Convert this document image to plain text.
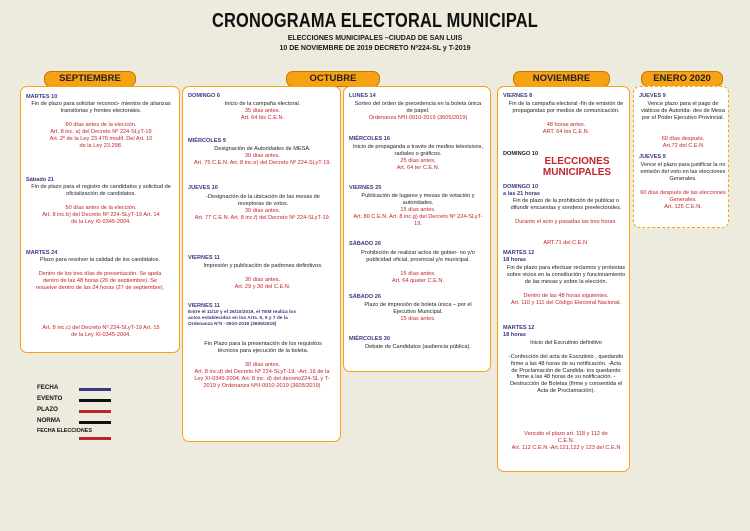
CRONOGRAMA ELECTORAL MUNICIPAL
ELECCIONES MUNICIPALES –CIUDAD DE SAN LUIS
10 DE NOVIEMBRE DE 2019 DECRETO Nº224-SL y T-2019
SEPTIEMBRE	OCTUBRE	NOVIEMBRE	ENERO 2020
MARTES 10
Fin de plazo para solicitar reconoci- mientos de alianzas transitorias y frentes electorales.
60 días antes de la elección.
Art. 8 inc. a) del Decreto Nº 224-SLyT-19 Art. 2º de la Ley 23.476 modif. Del Art. 10 de la Ley 23.298.
Sábado 21
Fin de plazo para el registro de candidatos y solicitud de oficialización de candidatos.
50 días antes de la elección.
Art. 8 inc.b) del Decreto Nº 224-SLyT-19 Art. 14 de la Ley XI-0345-2004.
MARTES 24
Plazo para resolver la calidad de los candidatos.
Dentro de los tres días de presentación. Se apela dentro de las 48 horas (26 de septiembre). Se resuelve dentro de las 24 horas (27 de septiembre).
Art. 8 inc.c) del Decreto Nº 224-SLyT-19 Art. 15 de la Ley XI-0345-2004.
DOMINGO 6
Inicio de la campaña electoral.
35 días antes.
Art. 64 bis C.E.N.
MIÉRCOLES 9
Designación de Autoridades de MESA.
30 días antes.
Art. 75 C.E.N. Art. 8 inc.e) del Decreto Nº 224-SLyT-19.
JUEVES 10
-Designación de la ubicación de las mesas de receptoras de votos.
30 días antes.
Art. 77 C.E.N. Art. 8 inc.f) del Decreto Nº 224-SLyT-19.
VIERNES 11
Impresión y publicación de padrones definitivos.
30 días antes.
Art. 29 y 30 del C.E.N.
VIERNES 11
Entre el 11/10 y el 26/10/2019, el TEM realiza los actos establecidos en los Arts. 5, 6 y 7 de la Ordenanza NºII - 0910-2019 (3605/2019)
Fin Plazo para la presentación de los requisitos técnicos para ejecución de la boleta.
30 días antes.
Art. 8 inc.d) del Decreto Nº 224-SLyT-19. -Art. 16 de la Ley XI-0345-2004. Art. 8 inc. d) del decreto224-SL y T-2019 y Ordenanza NºII-0910-2019 (3605/2019)
LUNES 14
Sorteo del orden de precedencia en la boleta única de papel.
Ordenanza NºII-0910-2019 (3605/2019)
MIÉRCOLES 16
Inicio de propaganda a través de medios televisivos, radiales o gráficos.
25 días antes.
Art. 64 ter C.E.N.
VIERNES 25
Publicación de lugares y mesas de votación y autoridades.
15 días antes.
Art. 80 C.E.N. Art. 8 inc.g) del Decreto Nº 224-SLyT-19.
SÁBADO 26
Prohibición de realizar actos de gobier- no y/o publicidad oficial, provincial y/o municipal.
15 días antes.
Art. 64 quater C.E.N.
SÁBADO 26
Plazo de impresión de boleta única – por el Ejecutivo Municipal.
15 días antes.
MIÉRCOLES 30
Debate de Candidatos (audiencia pública).
VIERNES 8
Fin de la campaña electoral -fin de emisión de propagandas por medios de comunicación.
48 horas antes.
ART. 64 bis C.E.N.
DOMINGO 10
ELECCIONES MUNICIPALES
DOMINGO 10
a las 21 horas
Fin de plazo de la prohibición de publicar o difundir encuestas y sondeos preelectorales.
Durante el acto y pasadas las tres horas.
ART.71 del C.E.N.
MARTES 12
18 horas
Fin de plazo para efectuar reclamos y protestas sobre vicios en la constitución y funcionamiento de las mesas y sobre la elección.
Dentro de las 48 horas siguientes.
Art. 110 y 111 del Código Electoral Nacional.
MARTES 12
18 horas
Inicio del Escrutinio definitivo
-Confección del acta de Escrutinio , quedando firme a las 48 horas de su notificación. -Acta de Proclamación de Candida- tos quedando firme a las 48 horas de su notificación. - Destrucción de Boletas (firme y consentida el Acta de Proclamación).
Vencido el plazo art. 118 y 112 de C.E.N.
Art. 112 C.E.N -Art.121,122 y 123 del C.E.N
JUEVES 9
Vence plazo para el pago de viáticos de Autorida- des de Mesa por el Poder Ejecutivo Provincial.
60 días después.
Art.72 del C.E.N
JUEVES 9
Vence el plazo para justificar la no emisión del voto en las elecciones Generales.
60 días después de las elecciones Generales.
Art. 125 C.E.N.
FECHA
EVENTO
PLAZO
NORMA
FECHA ELECCIONES
